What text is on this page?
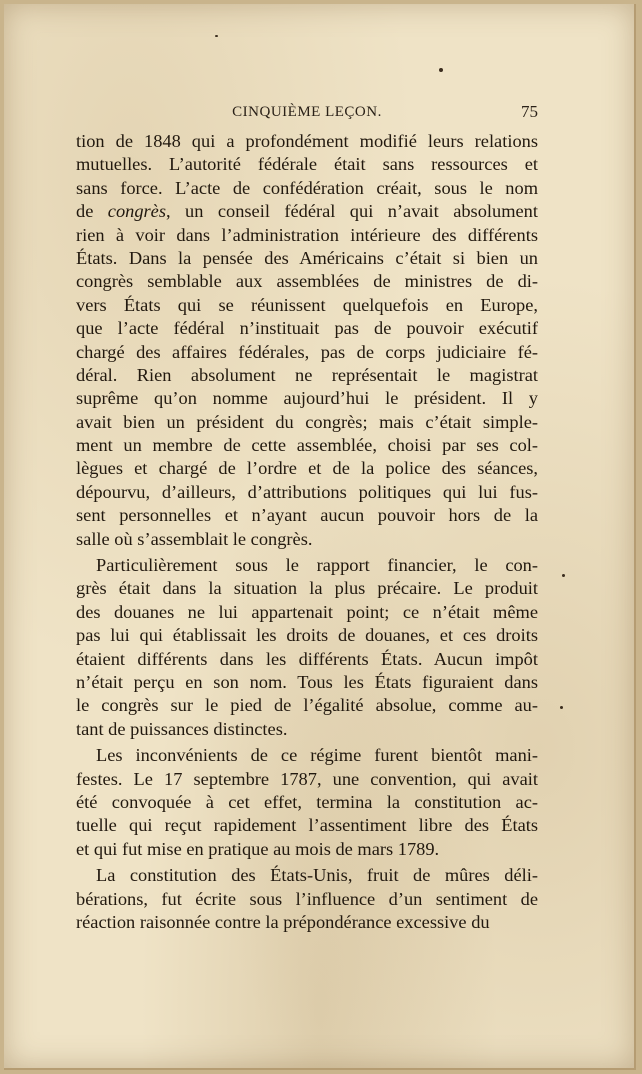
CINQUIÈME LEÇON.	75
tion de 1848 qui a profondément modifié leurs relations
mutuelles. L’autorité fédérale était sans ressources et
sans force. L’acte de confédération créait, sous le nom
de congrès, un conseil fédéral qui n’avait absolument
rien à voir dans l’administration intérieure des différents
États. Dans la pensée des Américains c’était si bien un
congrès semblable aux assemblées de ministres de di-
vers États qui se réunissent quelquefois en Europe,
que l’acte fédéral n’instituait pas de pouvoir exécutif
chargé des affaires fédérales, pas de corps judiciaire fé-
déral. Rien absolument ne représentait le magistrat
suprême qu’on nomme aujourd’hui le président. Il y
avait bien un président du congrès; mais c’était simple-
ment un membre de cette assemblée, choisi par ses col-
lègues et chargé de l’ordre et de la police des séances,
dépourvu, d’ailleurs, d’attributions politiques qui lui fus-
sent personnelles et n’ayant aucun pouvoir hors de la
salle où s’assemblait le congrès.
Particulièrement sous le rapport financier, le con-
grès était dans la situation la plus précaire. Le produit
des douanes ne lui appartenait point; ce n’était même
pas lui qui établissait les droits de douanes, et ces droits
étaient différents dans les différents États. Aucun impôt
n’était perçu en son nom. Tous les États figuraient dans
le congrès sur le pied de l’égalité absolue, comme au-
tant de puissances distinctes.
Les inconvénients de ce régime furent bientôt mani-
festes. Le 17 septembre 1787, une convention, qui avait
été convoquée à cet effet, termina la constitution ac-
tuelle qui reçut rapidement l’assentiment libre des États
et qui fut mise en pratique au mois de mars 1789.
La constitution des États-Unis, fruit de mûres déli-
bérations, fut écrite sous l’influence d’un sentiment de
réaction raisonnée contre la prépondérance excessive du
